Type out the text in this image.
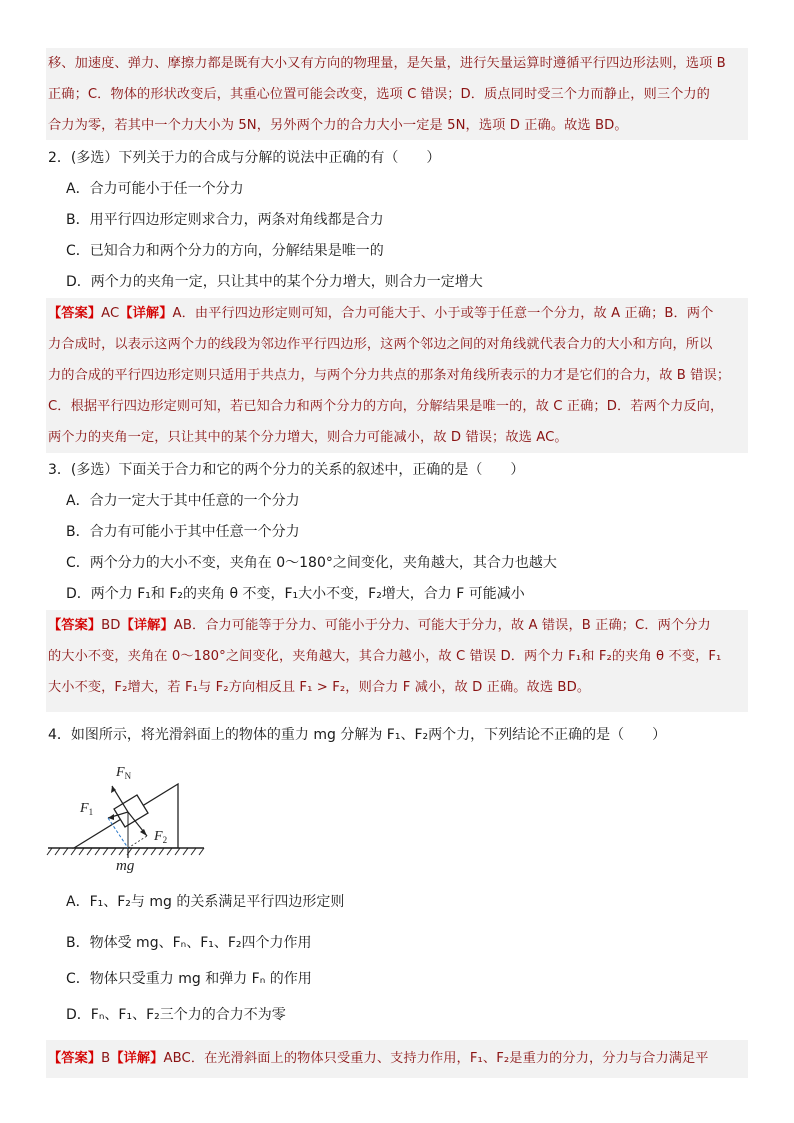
移、加速度、弹力、摩擦力都是既有大小又有方向的物理量，是矢量，进行矢量运算时遵循平行四边形法则，选项 B
正确；C．物体的形状改变后，其重心位置可能会改变，选项 C 错误；D．质点同时受三个力而静止，则三个力的
合力为零，若其中一个力大小为 5N，另外两个力的合力大小一定是 5N，选项 D 正确。故选 BD。
2．(多选）下列关于力的合成与分解的说法中正确的有（　　）
A．合力可能小于任一个分力
B．用平行四边形定则求合力，两条对角线都是合力
C．已知合力和两个分力的方向，分解结果是唯一的
D．两个力的夹角一定，只让其中的某个分力增大，则合力一定增大
【答案】AC【详解】A．由平行四边形定则可知，合力可能大于、小于或等于任意一个分力，故 A 正确；B．两个
力合成时，以表示这两个力的线段为邻边作平行四边形，这两个邻边之间的对角线就代表合力的大小和方向，所以
力的合成的平行四边形定则只适用于共点力，与两个分力共点的那条对角线所表示的力才是它们的合力，故 B 错误；
C．根据平行四边形定则可知，若已知合力和两个分力的方向，分解结果是唯一的，故 C 正确；D．若两个力反向，
两个力的夹角一定，只让其中的某个分力增大，则合力可能减小，故 D 错误；故选 AC。
3．(多选）下面关于合力和它的两个分力的关系的叙述中，正确的是（　　）
A．合力一定大于其中任意的一个分力
B．合力有可能小于其中任意一个分力
C．两个分力的大小不变，夹角在 0～180°之间变化，夹角越大，其合力也越大
D．两个力 F₁和 F₂的夹角 θ 不变，F₁大小不变，F₂增大，合力 F 可能减小
【答案】BD【详解】AB．合力可能等于分力、可能小于分力、可能大于分力，故 A 错误，B 正确；C．两个分力
的大小不变，夹角在 0～180°之间变化，夹角越大，其合力越小，故 C 错误 D．两个力 F₁和 F₂的夹角 θ 不变，F₁
大小不变，F₂增大，若 F₁与 F₂方向相反且 F₁ > F₂，则合力 F 减小，故 D 正确。故选 BD。
4．如图所示，将光滑斜面上的物体的重力 mg 分解为 F₁、F₂两个力，下列结论不正确的是（　　）
$F_N$
$F_1$
$F_2$
mg
A．F₁、F₂与 mg 的关系满足平行四边形定则
B．物体受 mg、Fₙ、F₁、F₂四个力作用
C．物体只受重力 mg 和弹力 Fₙ 的作用
D．Fₙ、F₁、F₂三个力的合力不为零
【答案】B【详解】ABC．在光滑斜面上的物体只受重力、支持力作用，F₁、F₂是重力的分力，分力与合力满足平
